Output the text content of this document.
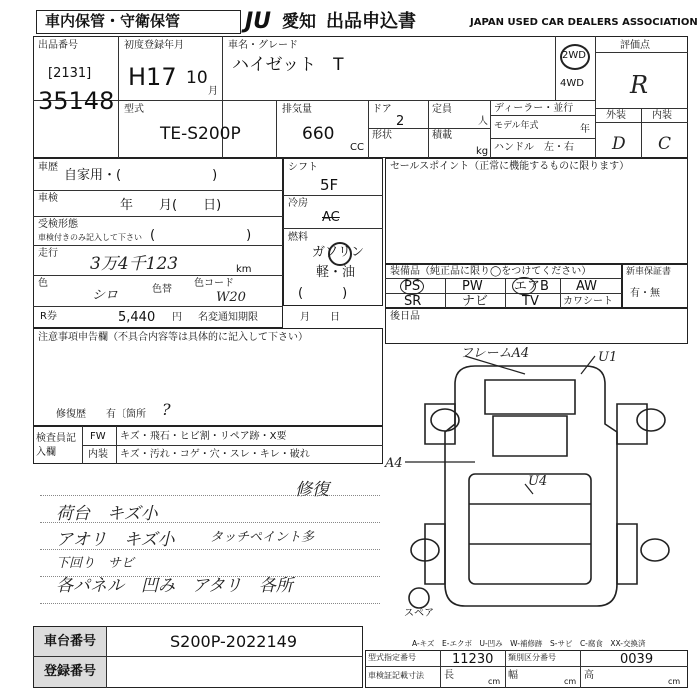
車内保管・守衛保管	JU 愛知 出品申込書	JAPAN USED CAR DEALERS ASSOCIATION
出品番号
[2131]
35148
初度登録年月
H17 10
月
車名・グレード
ハイゼット　T	2WD
4WD
評価点
R
外装	内装
D C
型式
TE-S200P
排気量
660
CC
ドア
2
形状
定員
人
積載
kg
ディーラー・並行
モデル年式	年
ハンドル　左・右
車歴
自家用・(　　　　　　　)
車検	年　　月(　　日)
受検形態
車検付きのみ記入して下さい (　　　　　　　)
走行
3万4千123	km
色
シロ	色替
色コード
W20
R券	5,440 円 名変通知期限	月　　日
シフト
5F
冷房
AC
燃料
ガソリン
軽・油
(　　　)
セールスポイント（正常に機能するものに限ります）
装備品（純正品に限り◯をつけてください）
PS	PW エアB AW
SR	ナビ	TV カワシート
新車保証書
有・無
後日品
注意事項申告欄（不具合内容等は具体的に記入して下さい）
修復歴　　有〔箇所 ?
検査員記入欄
FW キズ・飛石・ヒビ割・リペア跡・X要
内装 キズ・汚れ・コゲ・穴・スレ・キレ・破れ
修復
荷台　キズ小
アオリ　キズ小	タッチペイント多
下回り　サビ
各パネル　凹み　アタリ　各所
フレームA4	U1
A4
U4
スペア
A-キズ　E-エクボ　U-凹み　W-補修跡　S-サビ　C-腐食　XX-交換済
車台番号	S200P-2022149
登録番号
型式指定番号	11230 類別区分番号	0039
車検証記載寸法 長
cm
幅
cm
高
cm
